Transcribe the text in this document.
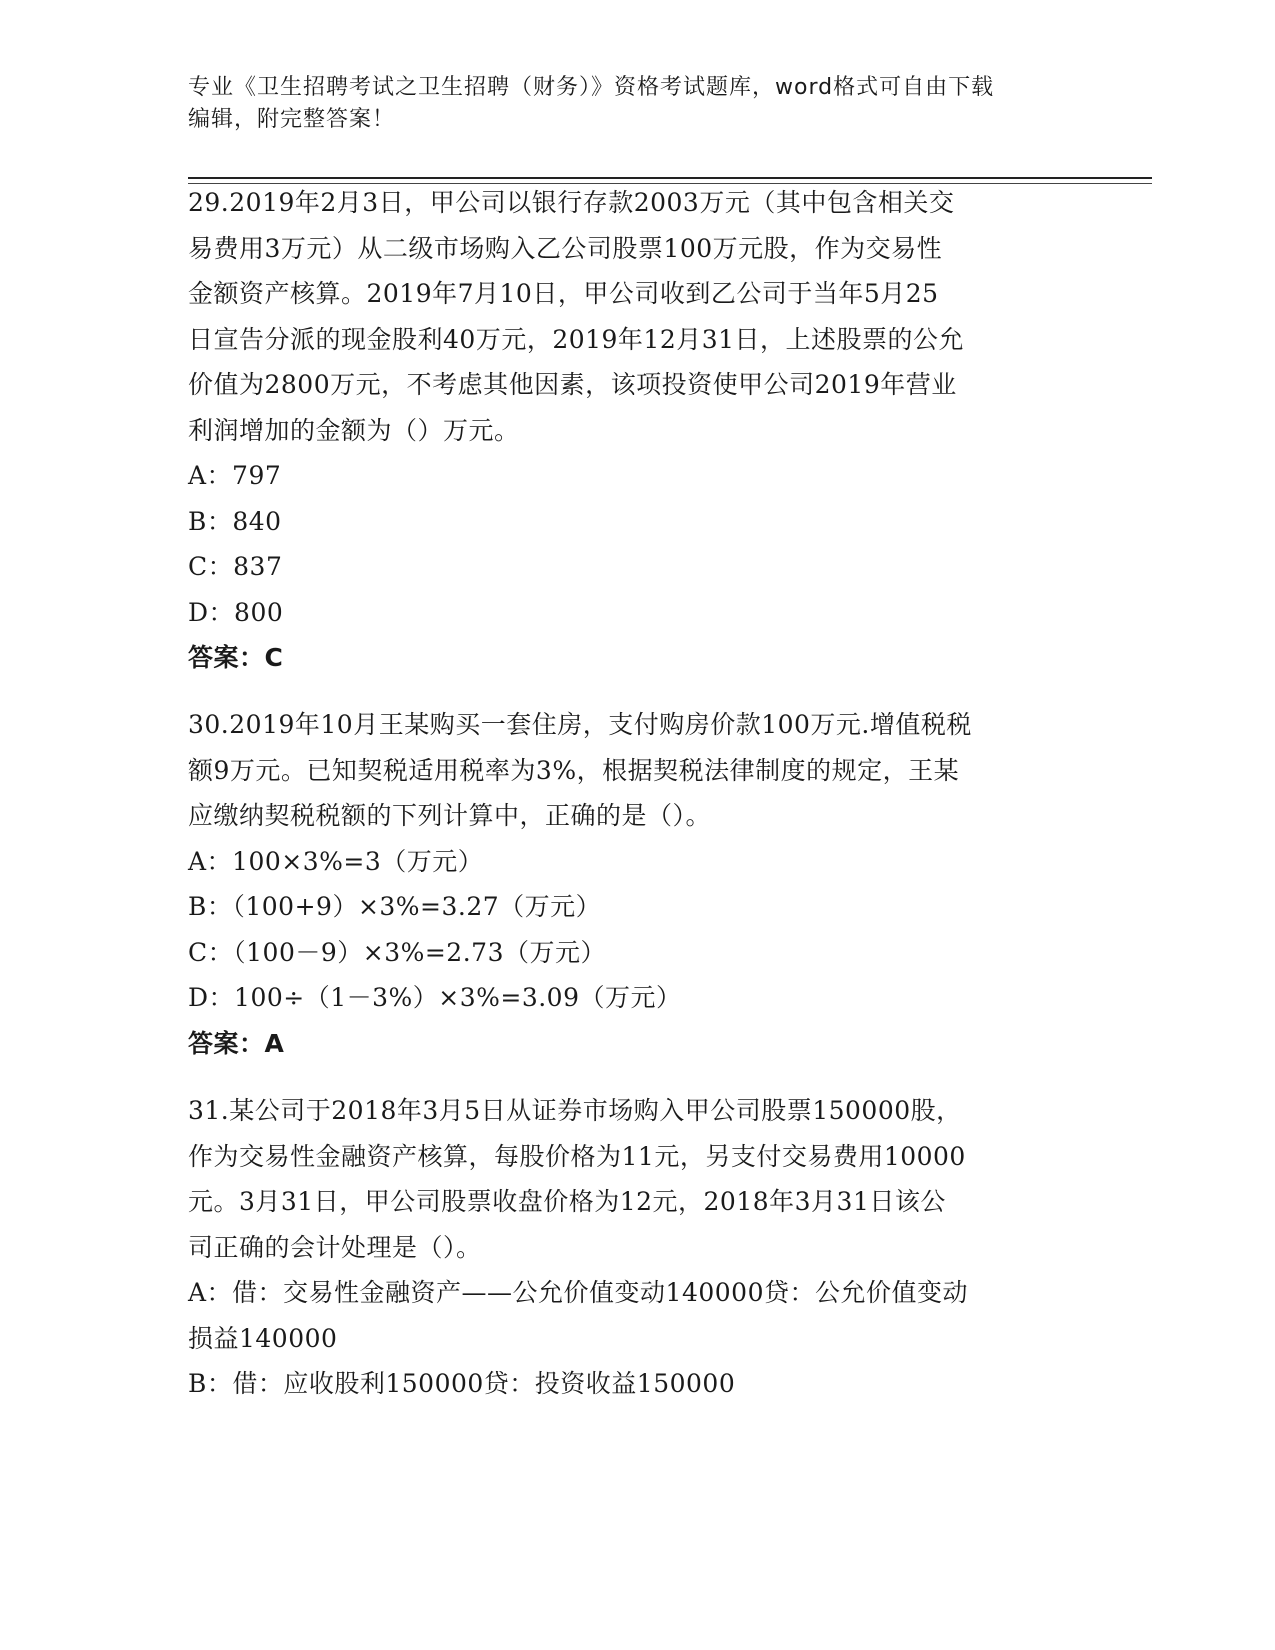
专业《卫生招聘考试之卫生招聘（财务）》资格考试题库，word格式可自由下载
编辑，附完整答案！

29.2019年2月3日，甲公司以银行存款2003万元（其中包含相关交
易费用3万元）从二级市场购入乙公司股票100万元股，作为交易性
金额资产核算。2019年7月10日，甲公司收到乙公司于当年5月25
日宣告分派的现金股利40万元，2019年12月31日，上述股票的公允
价值为2800万元，不考虑其他因素，该项投资使甲公司2019年营业
利润增加的金额为（）万元。

A：797
B：840
C：837
D：800
答案：C

30.2019年10月王某购买一套住房，支付购房价款100万元.增值税税
额9万元。已知契税适用税率为3%，根据契税法律制度的规定，王某
应缴纳契税税额的下列计算中，正确的是（）。

A：100×3%=3（万元）
B：（100+9）×3%=3.27（万元）
C：（100－9）×3%=2.73（万元）
D：100÷（1－3%）×3%=3.09（万元）
答案：A

31.某公司于2018年3月5日从证券市场购入甲公司股票150000股，
作为交易性金融资产核算，每股价格为11元，另支付交易费用10000
元。3月31日，甲公司股票收盘价格为12元，2018年3月31日该公
司正确的会计处理是（）。

A：借：交易性金融资产——公允价值变动140000贷：公允价值变动
损益140000
B：借：应收股利150000贷：投资收益150000
